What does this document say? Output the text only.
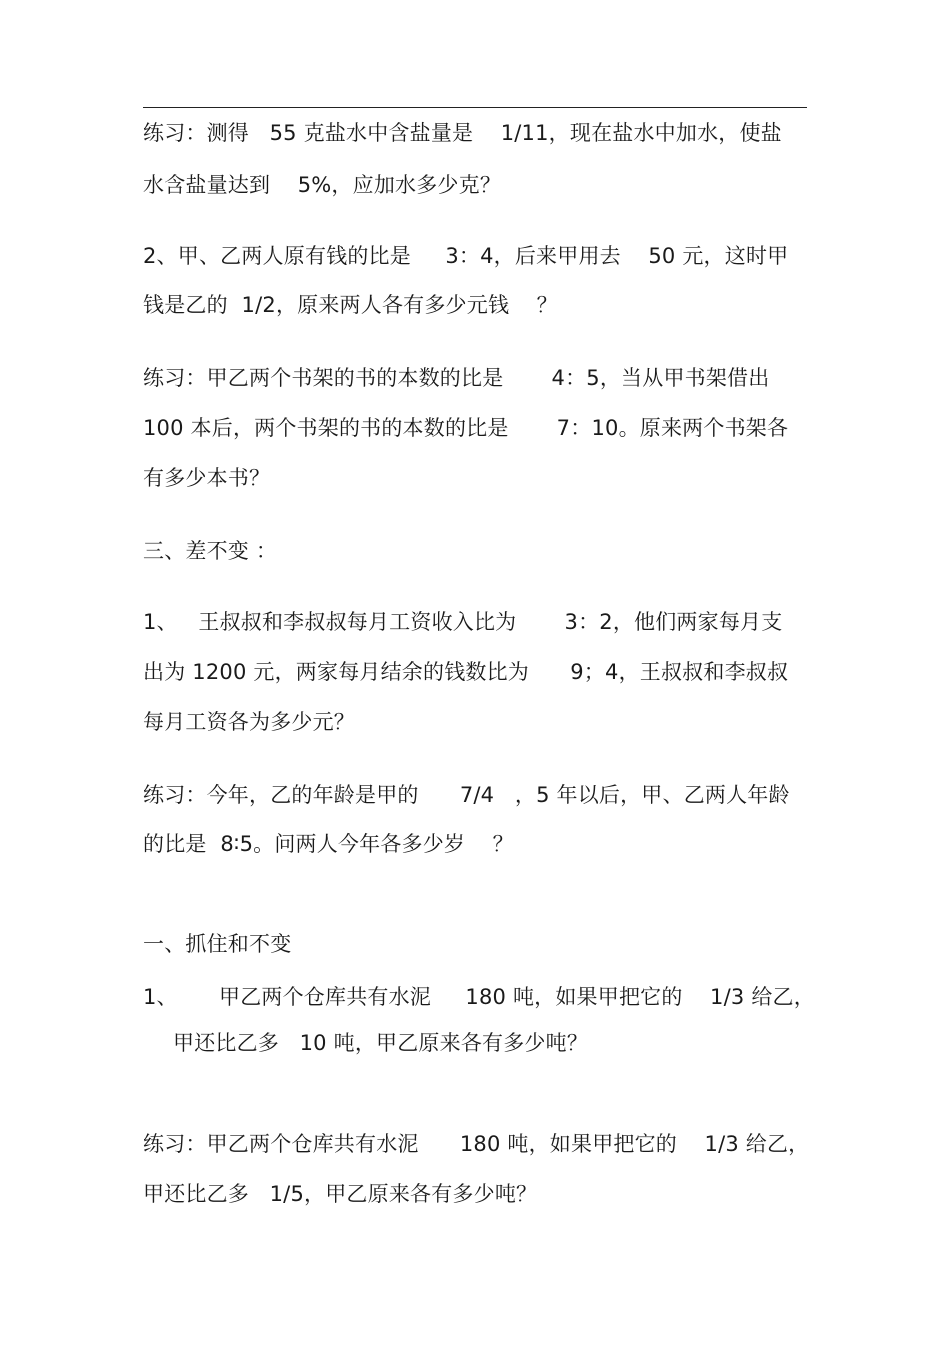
练习：测得   55 克盐水中含盐量是    1/11，现在盐水中加水，使盐
水含盐量达到    5%，应加水多少克？
2、甲、乙两人原有钱的比是     3：4，后来甲用去    50 元，这时甲
钱是乙的  1/2，原来两人各有多少元钱    ？
练习：甲乙两个书架的书的本数的比是       4：5，当从甲书架借出
100 本后，两个书架的书的本数的比是       7：10。原来两个书架各
有多少本书？
三、差不变 ：
1、   王叔叔和李叔叔每月工资收入比为       3：2，他们两家每月支
出为 1200 元，两家每月结余的钱数比为      9；4，王叔叔和李叔叔
每月工资各为多少元？
练习：今年，乙的年龄是甲的      7/4   ，5 年以后，甲、乙两人年龄
的比是  8∶5。问两人今年各多少岁    ？
一、抓住和不变
1、      甲乙两个仓库共有水泥     180 吨，如果甲把它的    1/3 给乙，
甲还比乙多   10 吨，甲乙原来各有多少吨？
练习：甲乙两个仓库共有水泥      180 吨，如果甲把它的    1/3 给乙，
甲还比乙多   1/5，甲乙原来各有多少吨？
